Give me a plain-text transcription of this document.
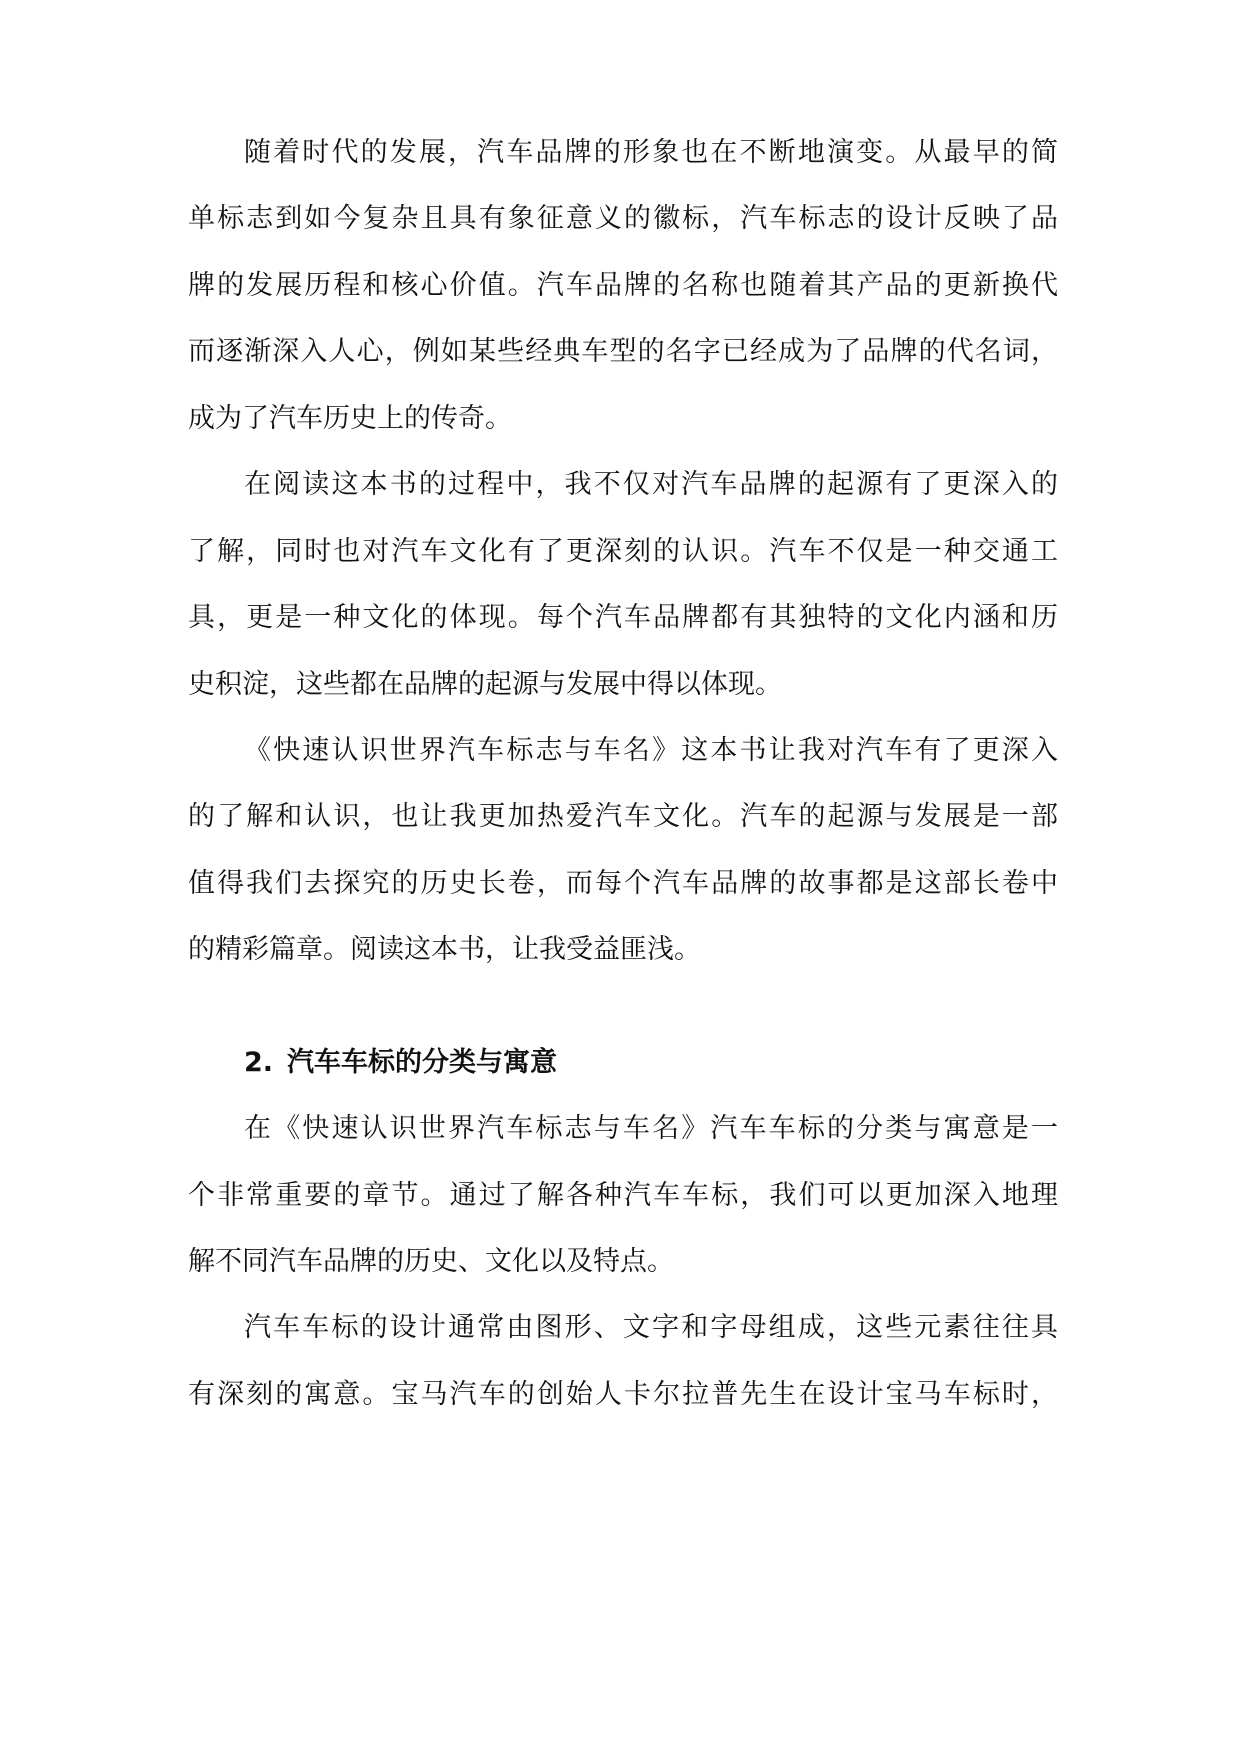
随着时代的发展，汽车品牌的形象也在不断地演变。从最早的简
单标志到如今复杂且具有象征意义的徽标，汽车标志的设计反映了品
牌的发展历程和核心价值。汽车品牌的名称也随着其产品的更新换代
而逐渐深入人心，例如某些经典车型的名字已经成为了品牌的代名词，
成为了汽车历史上的传奇。
在阅读这本书的过程中，我不仅对汽车品牌的起源有了更深入的
了解，同时也对汽车文化有了更深刻的认识。汽车不仅是一种交通工
具，更是一种文化的体现。每个汽车品牌都有其独特的文化内涵和历
史积淀，这些都在品牌的起源与发展中得以体现。
《快速认识世界汽车标志与车名》这本书让我对汽车有了更深入
的了解和认识，也让我更加热爱汽车文化。汽车的起源与发展是一部
值得我们去探究的历史长卷，而每个汽车品牌的故事都是这部长卷中
的精彩篇章。阅读这本书，让我受益匪浅。
2. 汽车车标的分类与寓意
在《快速认识世界汽车标志与车名》汽车车标的分类与寓意是一
个非常重要的章节。通过了解各种汽车车标，我们可以更加深入地理
解不同汽车品牌的历史、文化以及特点。
汽车车标的设计通常由图形、文字和字母组成，这些元素往往具
有深刻的寓意。宝马汽车的创始人卡尔拉普先生在设计宝马车标时，
